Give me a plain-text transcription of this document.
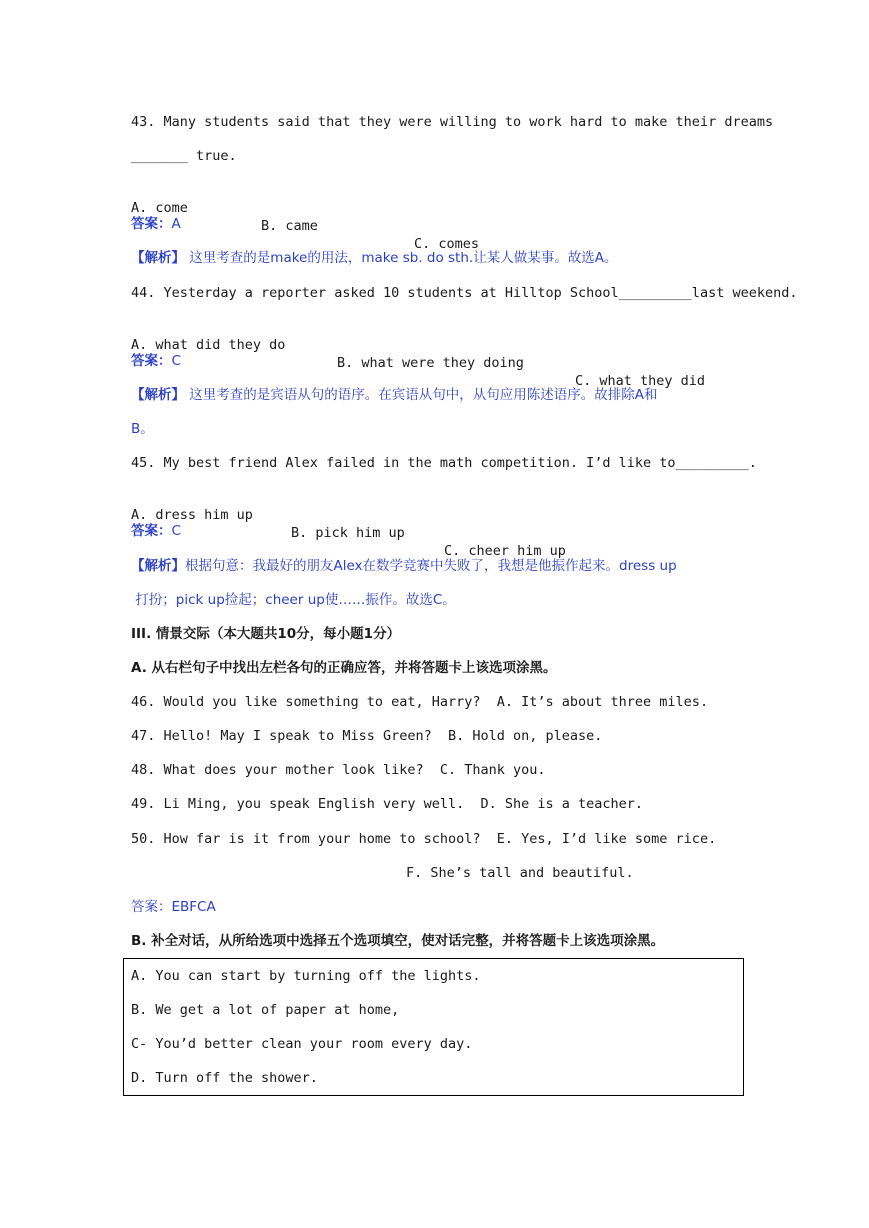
43. Many students said that they were willing to work hard to make their dreams
_______ true.

A. come

B. came

C. comes

答案：A
【解析】 这里考查的是make的用法，make sb. do sth.让某人做某事。故选A。
44. Yesterday a reporter asked 10 students at Hilltop School_________last weekend.

A. what did they do

B. what were they doing

C. what they did

答案：C
【解析】 这里考查的是宾语从句的语序。在宾语从句中，从句应用陈述语序。故排除A和
B。
45. My best friend Alex failed in the math competition. I’d like to_________.

A. dress him up

B. pick him up

C. cheer him up

答案：C
【解析】根据句意：我最好的朋友Alex在数学竞赛中失败了，我想是他振作起来。dress up
打扮；pick up捡起；cheer up使……振作。故选C。
III. 情景交际（本大题共10分，每小题1分）
A. 从右栏句子中找出左栏各句的正确应答，并将答题卡上该选项涂黑。
46. Would you like something to eat, Harry?  A. It’s about three miles.
47. Hello! May I speak to Miss Green?  B. Hold on, please.
48. What does your mother look like?  C. Thank you.
49. Li Ming, you speak English very well.  D. She is a teacher.
50. How far is it from your home to school?  E. Yes, I’d like some rice.
F. She’s tall and beautiful.
答案：EBFCA
B. 补全对话，从所给选项中选择五个选项填空，使对话完整，并将答题卡上该选项涂黑。
A. You can start by turning off the lights.
B. We get a lot of paper at home,
C- You’d better clean your room every day.
D. Turn off the shower.
